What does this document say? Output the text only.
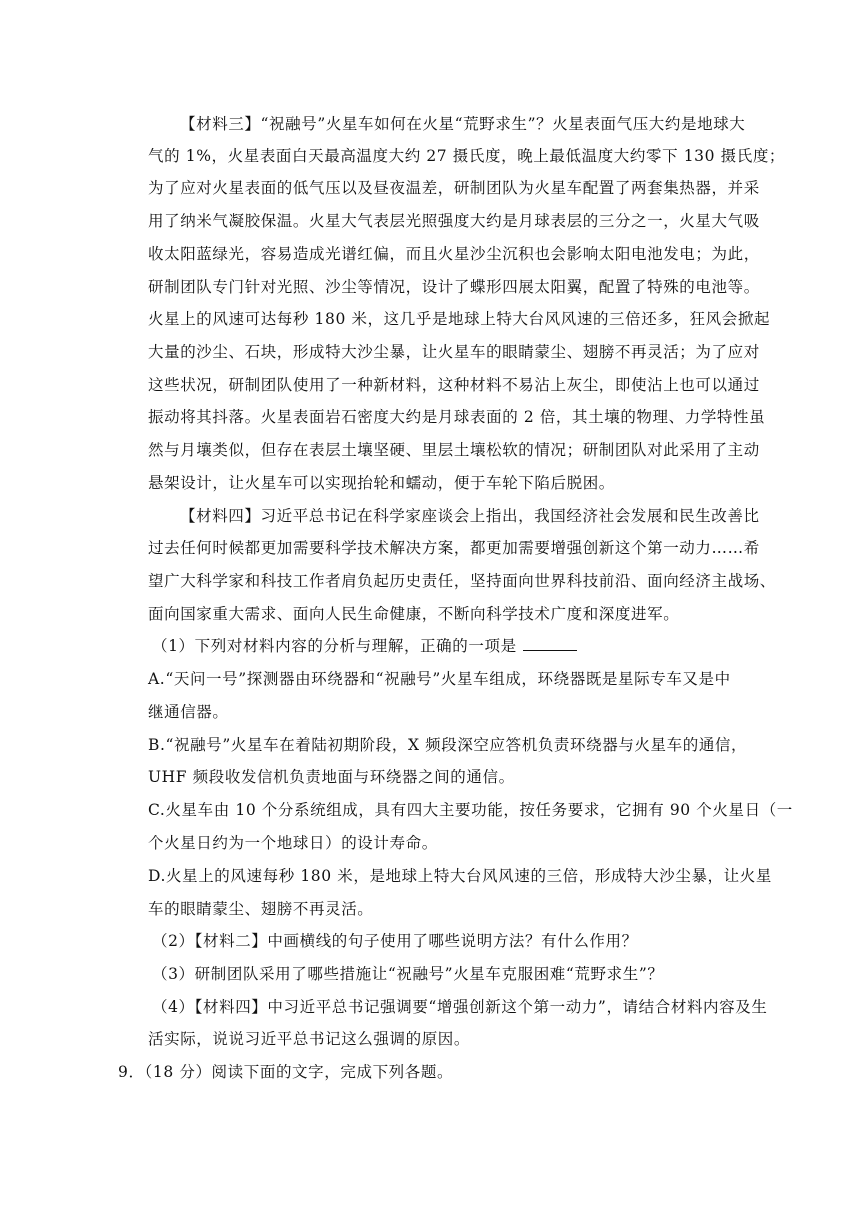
【材料三】“祝融号”火星车如何在火星“荒野求生”？火星表面气压大约是地球大
气的 1%，火星表面白天最高温度大约 27 摄氏度，晚上最低温度大约零下 130 摄氏度；
为了应对火星表面的低气压以及昼夜温差，研制团队为火星车配置了两套集热器，并采
用了纳米气凝胶保温。火星大气表层光照强度大约是月球表层的三分之一，火星大气吸
收太阳蓝绿光，容易造成光谱红偏，而且火星沙尘沉积也会影响太阳电池发电；为此，
研制团队专门针对光照、沙尘等情况，设计了蝶形四展太阳翼，配置了特殊的电池等。
火星上的风速可达每秒 180 米，这几乎是地球上特大台风风速的三倍还多，狂风会掀起
大量的沙尘、石块，形成特大沙尘暴，让火星车的眼睛蒙尘、翅膀不再灵活；为了应对
这些状况，研制团队使用了一种新材料，这种材料不易沾上灰尘，即使沾上也可以通过
振动将其抖落。火星表面岩石密度大约是月球表面的 2 倍，其土壤的物理、力学特性虽
然与月壤类似，但存在表层土壤坚硬、里层土壤松软的情况；研制团队对此采用了主动
悬架设计，让火星车可以实现抬轮和蠕动，便于车轮下陷后脱困。
【材料四】习近平总书记在科学家座谈会上指出，我国经济社会发展和民生改善比
过去任何时候都更加需要科学技术解决方案，都更加需要增强创新这个第一动力……希
望广大科学家和科技工作者肩负起历史责任，坚持面向世界科技前沿、面向经济主战场、
面向国家重大需求、面向人民生命健康，不断向科学技术广度和深度进军。
（1）下列对材料内容的分析与理解，正确的一项是
A.“天问一号”探测器由环绕器和“祝融号”火星车组成，环绕器既是星际专车又是中
继通信器。
B.“祝融号”火星车在着陆初期阶段，X 频段深空应答机负责环绕器与火星车的通信，
UHF 频段收发信机负责地面与环绕器之间的通信。
C.火星车由 10 个分系统组成，具有四大主要功能，按任务要求，它拥有 90 个火星日（一
个火星日约为一个地球日）的设计寿命。
D.火星上的风速每秒 180 米，是地球上特大台风风速的三倍，形成特大沙尘暴，让火星
车的眼睛蒙尘、翅膀不再灵活。
（2）【材料二】中画横线的句子使用了哪些说明方法？有什么作用？
（3）研制团队采用了哪些措施让“祝融号”火星车克服困难“荒野求生”？
（4）【材料四】中习近平总书记强调要“增强创新这个第一动力”，请结合材料内容及生
活实际，说说习近平总书记这么强调的原因。
9．（18 分）阅读下面的文字，完成下列各题。
